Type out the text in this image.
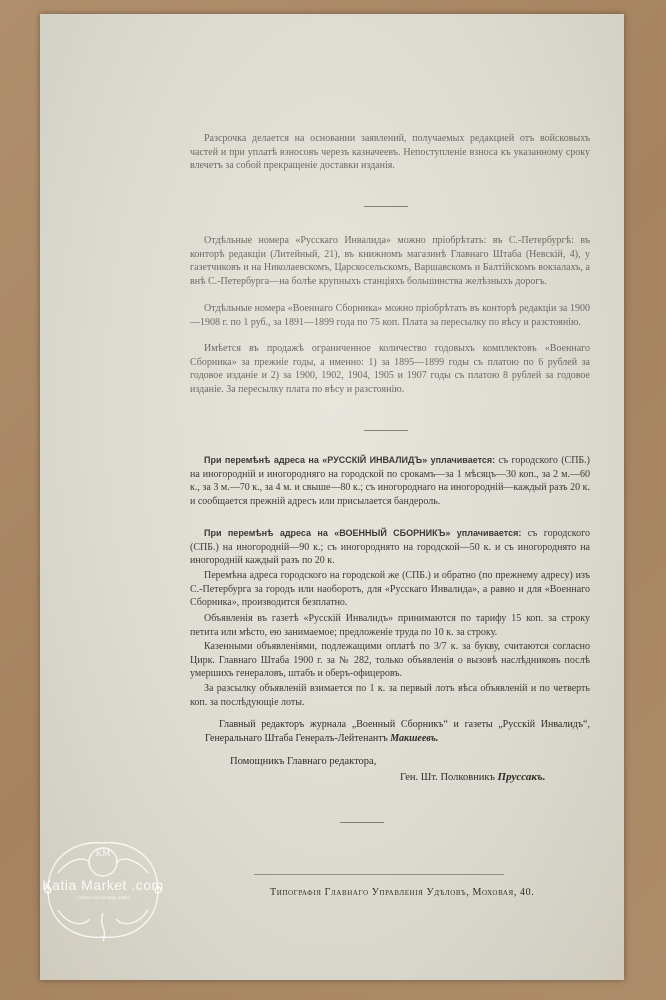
Разсрочка делается на основании заявлений, получаемых редакцией отъ войсковыхъ частей и при уплатѣ взносовъ черезъ казначеевъ. Непоступленіе взноса къ указанному сроку влечетъ за собой прекращеніе доставки изданія.

Отдѣльные номера «Русскаго Инвалида» можно пріобрѣтать: въ С.-Петербургѣ: въ конторѣ редакціи (Литейный, 21), въ книжномъ магазинѣ Главнаго Штаба (Невскій, 4), у газетчиковъ и на Николаевскомъ, Царскосельскомъ, Варшавскомъ и Балтійскомъ вокзалахъ, а внѣ С.-Петербурга—на болѣе крупныхъ станціяхъ большинства желѣзныхъ дорогъ.

Отдѣльные номера «Военнаго Сборника» можно пріобрѣтать въ конторѣ редакціи за 1900—1908 г. по 1 руб., за 1891—1899 года по 75 коп. Плата за пересылку по вѣсу и разстоянію.

Имѣется въ продажѣ ограниченное количество годовыхъ комплектовъ «Военнаго Сборника» за прежніе годы, а именно: 1) за 1895—1899 годы съ платою по 6 рублей за годовое изданіе и 2) за 1900, 1902, 1904, 1905 и 1907 годы съ платою 8 рублей за годовое изданіе. За пересылку плата по вѣсу и разстоянію.

При перемѣнѣ адреса на «РУССКІЙ ИНВАЛИДЪ» уплачивается: съ городского (СПБ.) на иногородній и иногородняго на городской по срокамъ—за 1 мѣсяцъ—30 коп., за 2 м.—60 к., за 3 м.—70 к., за 4 м. и свыше—80 к.; съ иногороднаго на иногородній—каждый разъ 20 к. и сообщается прежній адресъ или присылается бандероль.

При перемѣнѣ адреса на «ВОЕННЫЙ СБОРНИКЪ» уплачивается: съ городского (СПБ.) на иногородній—90 к.; съ иногороднято на городской—50 к. и съ иногороднято на иногородній каждый разъ по 20 к.

Перемѣна адреса городского на городской же (СПБ.) и обратно (по прежнему адресу) изъ С.-Петербурга за городъ или наоборотъ, для «Русскаго Инвалида», а равно и для «Военнаго Сборника», производится безплатно.

Объявленія въ газетѣ «Русскій Инвалидъ» принимаются по тарифу 15 коп. за строку петита или мѣсто, ею занимаемое; предложеніе труда по 10 к. за строку.

Казенными объявленіями, подлежащими оплатѣ по 3/7 к. за букву, считаются согласно Цирк. Главнаго Штаба 1900 г. за № 282, только объявленія о вызовѣ наслѣдниковъ послѣ умершихъ генераловъ, штабъ и оберъ-офицеровъ.

За разсылку объявленій взимается по 1 к. за первый лотъ вѣса объявленій и по четверть коп. за послѣдующіе лоты.

Главный редакторъ журнала „Военный Сборникъ“ и газеты „Русскій Инвалидъ“, Генеральнаго Штаба Генералъ-Лейтенантъ Макшеевъ.

Помощникъ Главнаго редактора,
Ген. Шт. Полковникъ Пруссакъ.
Типографія Главнаго Управленія Удѣловъ, Моховая, 40.
KM
Katia Market .com
Antique and vintage paper
